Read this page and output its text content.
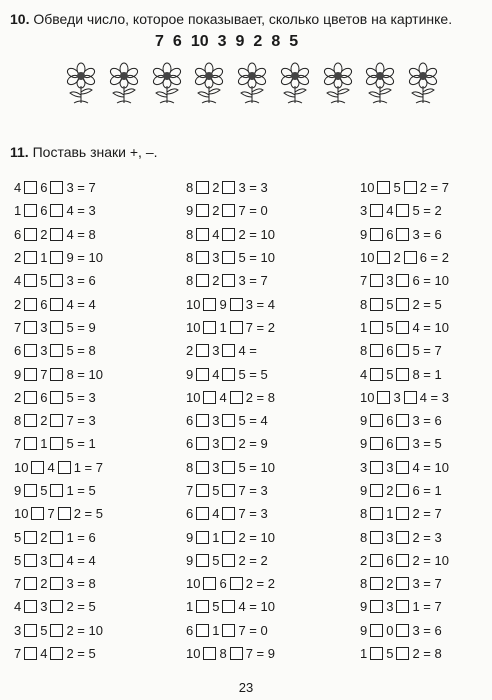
10. Обведи число, которое показывает, сколько цветов на картинке.
7 6 10 3 9 2 8 5
11. Поставь знаки +, –.
4 6 3 = 7
1 6 4 = 3
6 2 4 = 8
2 1 9 = 10
4 5 3 = 6
2 6 4 = 4
7 3 5 = 9
6 3 5 = 8
9 7 8 = 10
2 6 5 = 3
8 2 7 = 3
7 1 5 = 1
10 4 1 = 7
9 5 1 = 5
10 7 2 = 5
5 2 1 = 6
5 3 4 = 4
7 2 3 = 8
4 3 2 = 5
3 5 2 = 10
7 4 2 = 5
8 2 3 = 3
9 2 7 = 0
8 4 2 = 10
8 3 5 = 10
8 2 3 = 7
10 9 3 = 4
10 1 7 = 2
2 3 4 =
9 4 5 = 5
10 4 2 = 8
6 3 5 = 4
6 3 2 = 9
8 3 5 = 10
7 5 7 = 3
6 4 7 = 3
9 1 2 = 10
9 5 2 = 2
10 6 2 = 2
1 5 4 = 10
6 1 7 = 0
10 8 7 = 9
10 5 2 = 7
3 4 5 = 2
9 6 3 = 6
10 2 6 = 2
7 3 6 = 10
8 5 2 = 5
1 5 4 = 10
8 6 5 = 7
4 5 8 = 1
10 3 4 = 3
9 6 3 = 6
9 6 3 = 5
3 3 4 = 10
9 2 6 = 1
8 1 2 = 7
8 3 2 = 3
2 6 2 = 10
8 2 3 = 7
9 3 1 = 7
9 0 3 = 6
1 5 2 = 8
23
